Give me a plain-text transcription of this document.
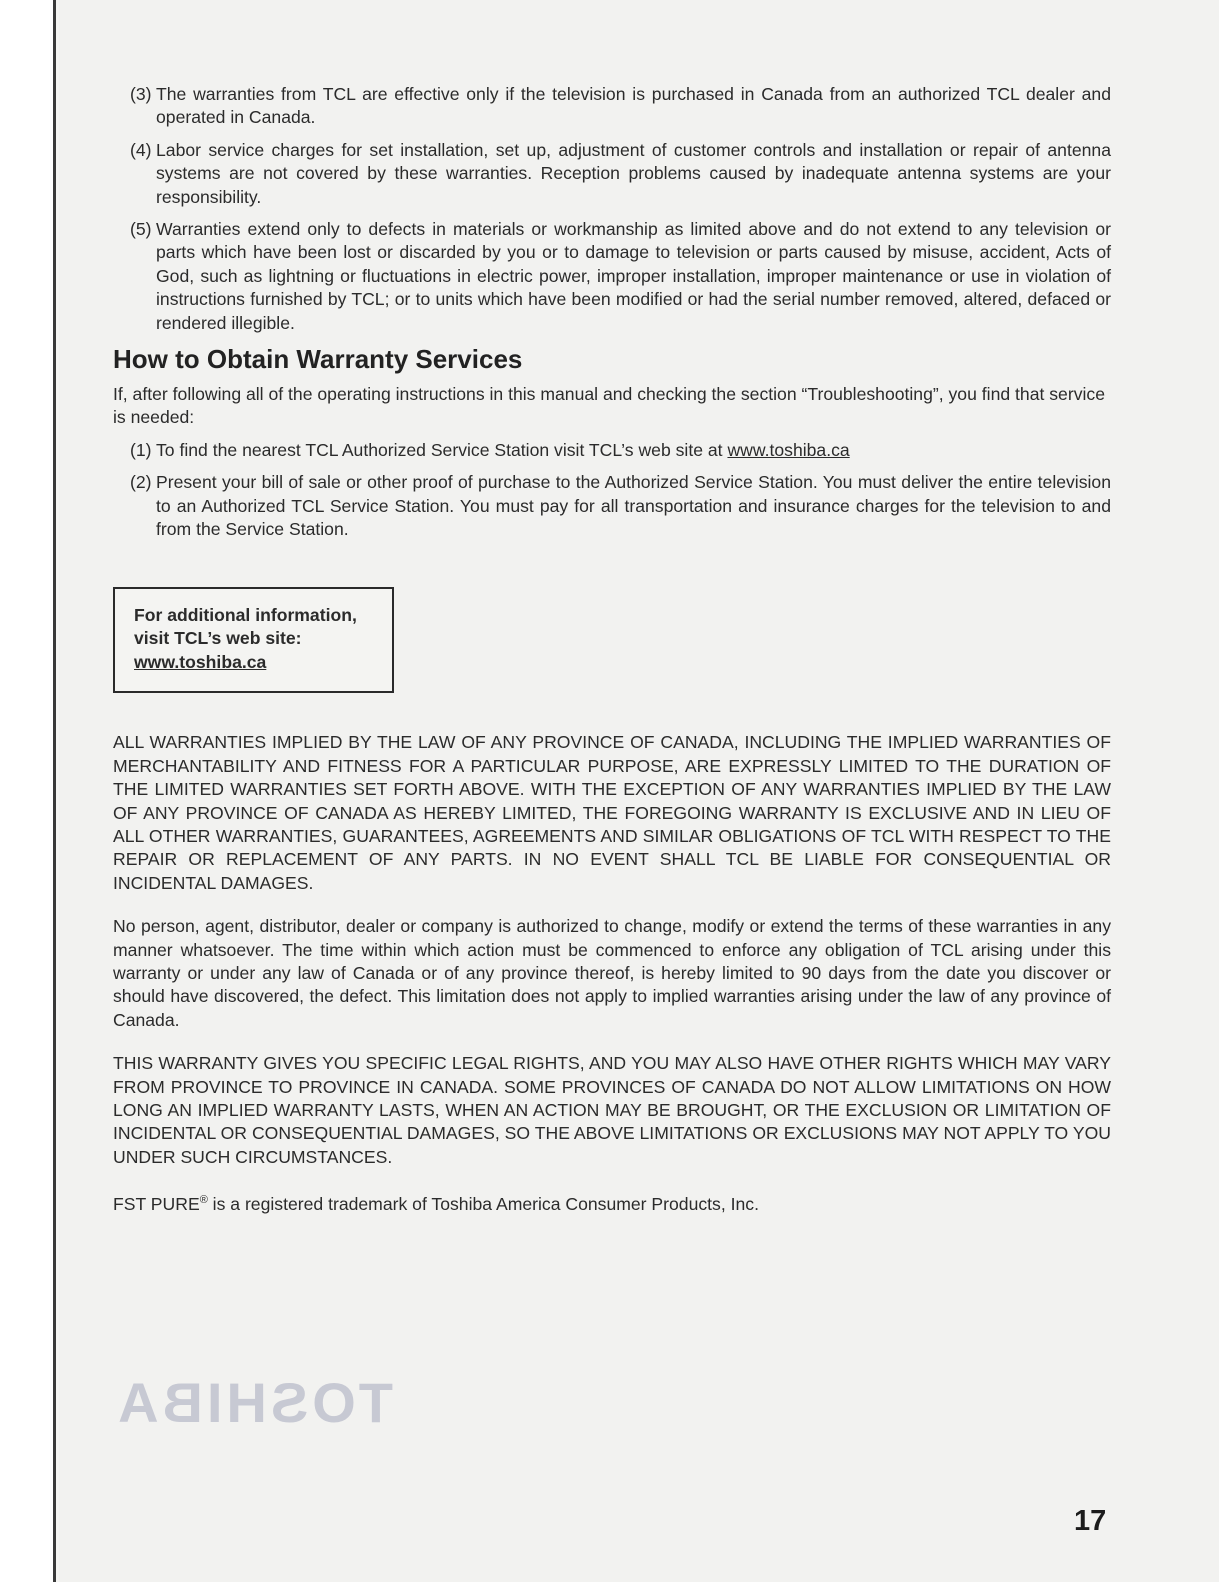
TOSHIBA
(3) The warranties from TCL are effective only if the television is purchased in Canada from an authorized TCL dealer and operated in Canada.
(4) Labor service charges for set installation, set up, adjustment of customer controls and installation or repair of antenna systems are not covered by these warranties. Reception problems caused by inadequate antenna systems are your responsibility.
(5) Warranties extend only to defects in materials or workmanship as limited above and do not extend to any television or parts which have been lost or discarded by you or to damage to television or parts caused by misuse, accident, Acts of God, such as lightning or fluctuations in electric power, improper installation, improper maintenance or use in violation of instructions furnished by TCL; or to units which have been modified or had the serial number removed, altered, defaced or rendered illegible.
How to Obtain Warranty Services
If, after following all of the operating instructions in this manual and checking the section “Troubleshooting”, you find that service is needed:
(1) To find the nearest TCL Authorized Service Station visit TCL’s web site at www.toshiba.ca
(2) Present your bill of sale or other proof of purchase to the Authorized Service Station. You must deliver the entire television to an Authorized TCL Service Station. You must pay for all transportation and insurance charges for the television to and from the Service Station.
For additional information,
visit TCL’s web site:
www.toshiba.ca
ALL WARRANTIES IMPLIED BY THE LAW OF ANY PROVINCE OF CANADA, INCLUDING THE IMPLIED WARRANTIES OF MERCHANTABILITY AND FITNESS FOR A PARTICULAR PURPOSE, ARE EXPRESSLY LIMITED TO THE DURATION OF THE LIMITED WARRANTIES SET FORTH ABOVE. WITH THE EXCEPTION OF ANY WARRANTIES IMPLIED BY THE LAW OF ANY PROVINCE OF CANADA AS HEREBY LIMITED, THE FOREGOING WARRANTY IS EXCLUSIVE AND IN LIEU OF ALL OTHER WARRANTIES, GUARANTEES, AGREEMENTS AND SIMILAR OBLIGATIONS OF TCL WITH RESPECT TO THE REPAIR OR REPLACEMENT OF ANY PARTS. IN NO EVENT SHALL TCL BE LIABLE FOR CONSEQUENTIAL OR INCIDENTAL DAMAGES.
No person, agent, distributor, dealer or company is authorized to change, modify or extend the terms of these warranties in any manner whatsoever. The time within which action must be commenced to enforce any obligation of TCL arising under this warranty or under any law of Canada or of any province thereof, is hereby limited to 90 days from the date you discover or should have discovered, the defect. This limitation does not apply to implied warranties arising under the law of any province of Canada.
THIS WARRANTY GIVES YOU SPECIFIC LEGAL RIGHTS, AND YOU MAY ALSO HAVE OTHER RIGHTS WHICH MAY VARY FROM PROVINCE TO PROVINCE IN CANADA. SOME PROVINCES OF CANADA DO NOT ALLOW LIMITATIONS ON HOW LONG AN IMPLIED WARRANTY LASTS, WHEN AN ACTION MAY BE BROUGHT, OR THE EXCLUSION OR LIMITATION OF INCIDENTAL OR CONSEQUENTIAL DAMAGES, SO THE ABOVE LIMITATIONS OR EXCLUSIONS MAY NOT APPLY TO YOU UNDER SUCH CIRCUMSTANCES.
FST PURE® is a registered trademark of Toshiba America Consumer Products, Inc.
17
